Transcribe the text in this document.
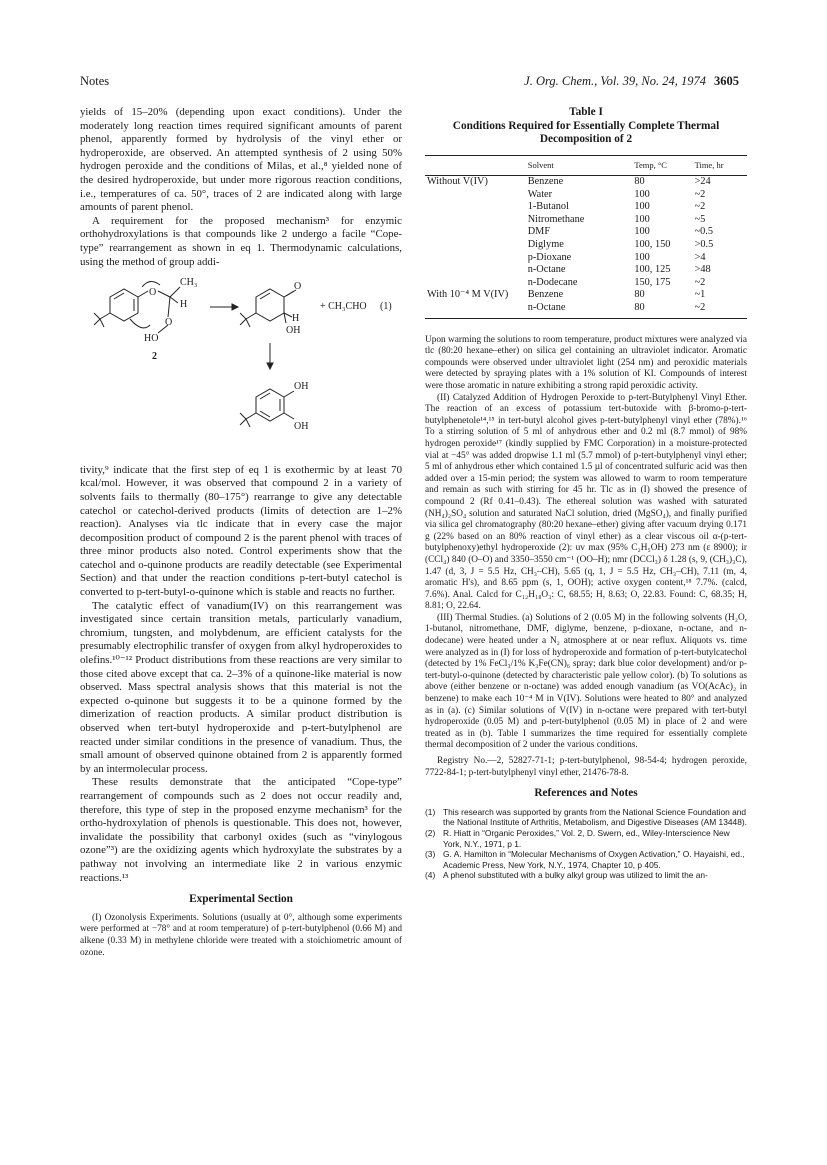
Notes	J. Org. Chem., Vol. 39, No. 24, 1974 3605

yields of 15–20% (depending upon exact conditions). Under the moderately long reaction times required significant amounts of parent phenol, apparently formed by hydrolysis of the vinyl ether or hydroperoxide, are observed. An attempted synthesis of 2 using 50% hydrogen peroxide and the conditions of Milas, et al.,⁸ yielded none of the desired hydroperoxide, but under more rigorous reaction conditions, i.e., temperatures of ca. 50°, traces of 2 are indicated along with large amounts of parent phenol.

A requirement for the proposed mechanism³ for enzymic orthohydroxylations is that compounds like 2 undergo a facile “Cope-type” rearrangement as shown in eq 1. Thermodynamic calculations, using the method of group addi-

O
CH₃
H
O
HO
2
O
H
OH
+ CH₃CHO (1)
OH
OH

tivity,⁹ indicate that the first step of eq 1 is exothermic by at least 70 kcal/mol. However, it was observed that compound 2 in a variety of solvents fails to thermally (80–175°) rearrange to give any detectable catechol or catechol-derived products (limits of detection are 1–2% reaction). Analyses via tlc indicate that in every case the major decomposition product of compound 2 is the parent phenol with traces of three minor products also noted. Control experiments show that the catechol and o-quinone products are readily detectable (see Experimental Section) and that under the reaction conditions p-tert-butyl catechol is converted to p-tert-butyl-o-quinone which is stable and reacts no further.

The catalytic effect of vanadium(IV) on this rearrangement was investigated since certain transition metals, particularly vanadium, chromium, tungsten, and molybdenum, are efficient catalysts for the presumably electrophilic transfer of oxygen from alkyl hydroperoxides to olefins.¹⁰⁻¹² Product distributions from these reactions are very similar to those cited above except that ca. 2–3% of a quinone-like material is now observed. Mass spectral analysis shows that this material is not the expected o-quinone but suggests it to be a quinone formed by the dimerization of reaction products. A similar product distribution is observed when tert-butyl hydroperoxide and p-tert-butylphenol are reacted under similar conditions in the presence of vanadium. Thus, the small amount of observed quinone obtained from 2 is apparently formed by an intermolecular process.

These results demonstrate that the anticipated “Cope-type” rearrangement of compounds such as 2 does not occur readily and, therefore, this type of step in the proposed enzyme mechanism³ for the ortho-hydroxylation of phenols is questionable. This does not, however, invalidate the possibility that carbonyl oxides (such as “vinylogous ozone”³) are the oxidizing agents which hydroxylate the substrates by a pathway not involving an intermediate like 2 in various enzymic reactions.¹³

Experimental Section

(I) Ozonolysis Experiments. Solutions (usually at 0°, although some experiments were performed at −78° and at room temperature) of p-tert-butylphenol (0.66 M) and alkene (0.33 M) in methylene chloride were treated with a stoichiometric amount of ozone.

Table I
Conditions Required for Essentially Complete Thermal Decomposition of 2
	Solvent	Temp, °C	Time, hr
Without V(IV)	Benzene	80	>24
	Water	100	~2
	1-Butanol	100	~2
	Nitromethane	100	~5
	DMF	100	~0.5
	Diglyme	100, 150	>0.5
	p-Dioxane	100	>4
	n-Octane	100, 125	>48
	n-Dodecane	150, 175	~2
With 10⁻⁴ M V(IV)	Benzene	80	~1
	n-Octane	80	~2

Upon warming the solutions to room temperature, product mixtures were analyzed via tlc (80:20 hexane–ether) on silica gel containing an ultraviolet indicator. Aromatic compounds were observed under ultraviolet light (254 nm) and peroxidic materials were detected by spraying plates with a 1% solution of KI. Compounds of interest were those aromatic in nature exhibiting a strong rapid peroxidic activity.

(II) Catalyzed Addition of Hydrogen Peroxide to p-tert-Butylphenyl Vinyl Ether. The reaction of an excess of potassium tert-butoxide with β-bromo-p-tert-butylphenetole¹⁴,¹⁵ in tert-butyl alcohol gives p-tert-butylphenyl vinyl ether (78%).¹⁶ To a stirring solution of 5 ml of anhydrous ether and 0.2 ml (8.7 mmol) of 98% hydrogen peroxide¹⁷ (kindly supplied by FMC Corporation) in a moisture-protected vial at −45° was added dropwise 1.1 ml (5.7 mmol) of p-tert-butylphenyl vinyl ether; 5 ml of anhydrous ether which contained 1.5 µl of concentrated sulfuric acid was then added over a 15-min period; the system was allowed to warm to room temperature and remain as such with stirring for 45 hr. Tlc as in (I) showed the presence of compound 2 (Rf 0.41–0.43). The ethereal solution was washed with saturated (NH₄)₂SO₄ solution and saturated NaCl solution, dried (MgSO₄), and finally purified via silica gel chromatography (80:20 hexane–ether) giving after vacuum drying 0.171 g (22% based on an 80% reaction of vinyl ether) as a clear viscous oil α-(p-tert-butylphenoxy)ethyl hydroperoxide (2): uv max (95% C₂H₅OH) 273 nm (ε 8900); ir (CCl₄) 840 (O–O) and 3350–3550 cm⁻¹ (OO–H); nmr (DCCl₃) δ 1.28 (s, 9, (CH₃)₃C), 1.47 (d, 3, J = 5.5 Hz, CH₃–CH), 5.65 (q, 1, J = 5.5 Hz, CH₃–CH), 7.11 (m, 4, aromatic H's), and 8.65 ppm (s, 1, OOH); active oxygen content,¹⁸ 7.7%. (calcd, 7.6%). Anal. Calcd for C₁₂H₁₈O₃: C, 68.55; H, 8.63; O, 22.83. Found: C, 68.35; H, 8.81; O, 22.64.

(III) Thermal Studies. (a) Solutions of 2 (0.05 M) in the following solvents (H₂O, 1-butanol, nitromethane, DMF, diglyme, benzene, p-dioxane, n-octane, and n-dodecane) were heated under a N₂ atmosphere at or near reflux. Aliquots vs. time were analyzed as in (I) for loss of hydroperoxide and formation of p-tert-butylcatechol (detected by 1% FeCl₃/1% K₃Fe(CN)₆ spray; dark blue color development) and/or p-tert-butyl-o-quinone (detected by characteristic pale yellow color). (b) To solutions as above (either benzene or n-octane) was added enough vanadium (as VO(AcAc)₂ in benzene) to make each 10⁻⁴ M in V(IV). Solutions were heated to 80° and analyzed as in (a). (c) Similar solutions of V(IV) in n-octane were prepared with tert-butyl hydroperoxide (0.05 M) and p-tert-butylphenol (0.05 M) in place of 2 and were treated as in (b). Table I summarizes the time required for essentially complete thermal decomposition of 2 under the various conditions.

Registry No.—2, 52827-71-1; p-tert-butylphenol, 98-54-4; hydrogen peroxide, 7722-84-1; p-tert-butylphenyl vinyl ether, 21476-78-8.

References and Notes
(1) This research was supported by grants from the National Science Foundation and the National Institute of Arthritis, Metabolism, and Digestive Diseases (AM 13448).
(2) R. Hiatt in “Organic Peroxides,” Vol. 2, D. Swern, ed., Wiley-Interscience New York, N.Y., 1971, p 1.
(3) G. A. Hamilton in “Molecular Mechanisms of Oxygen Activation,” O. Hayaishi, ed., Academic Press, New York, N.Y., 1974, Chapter 10, p 405.
(4) A phenol substituted with a bulky alkyl group was utilized to limit the an-
